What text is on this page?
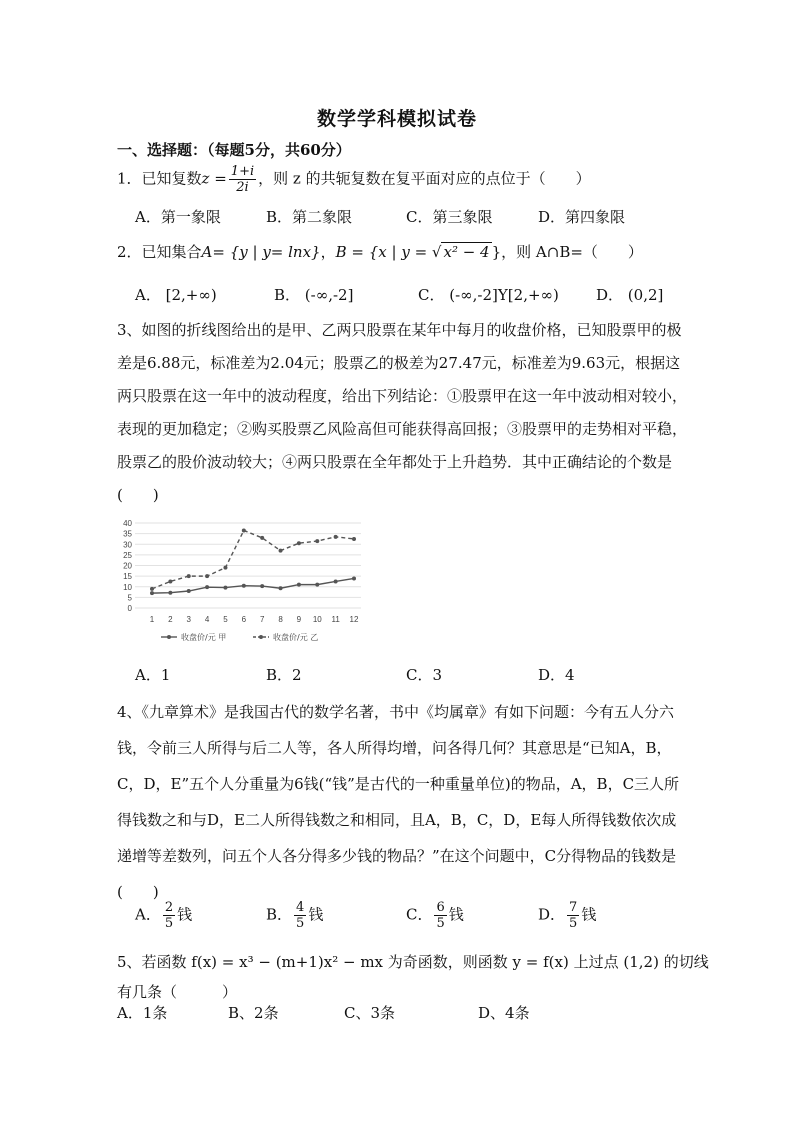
数学学科模拟试卷
一、选择题：（每题5分，共60分）
1．已知复数$z = \frac{1+i}{2i}$ ，则 z 的共轭复数在复平面对应的点位于（　　）
A．第一象限	B．第二象限	C．第三象限	D．第四象限
2．已知集合A= {y | y= lnx}，B = {x | y = √ x² − 4 }，则 A∩B=（　　）
A． [2,+∞)	B． (-∞,-2]	C． (-∞,-2]Y[2,+∞) D． (0,2]
3、如图的折线图给出的是甲、乙两只股票在某年中每月的收盘价格，已知股票甲的极差是6.88元，标准差为2.04元；股票乙的极差为27.47元，标准差为9.63元，根据这两只股票在这一年中的波动程度，给出下列结论：①股票甲在这一年中波动相对较小，表现的更加稳定；②购买股票乙风险高但可能获得高回报；③股票甲的走势相对平稳，股票乙的股价波动较大；④两只股票在全年都处于上升趋势．其中正确结论的个数是(　　)
0
5
10
15
20
25
30
35
40
1 2 3 4 5 6 7 8 9 10 11 12
收盘价/元 甲	收盘价/元 乙
A．1	B．2	C．3	D．4
4、《九章算术》是我国古代的数学名著，书中《均属章》有如下问题：今有五人分六钱，令前三人所得与后二人等，各人所得均增，问各得几何？其意思是“已知A，B，C，D，E”五个人分重量为6钱(“钱”是古代的一种重量单位)的物品，A，B，C三人所得钱数之和与D，E二人所得钱数之和相同，且A，B，C，D，E每人所得钱数依次成递增等差数列，问五个人各分得多少钱的物品？”在这个问题中，C分得物品的钱数是(　　)
A． $\frac{2}{5}$ 钱	B． $\frac{4}{5}$ 钱	C． $\frac{6}{5}$ 钱	D． $\frac{7}{5}$ 钱
5、若函数 f(x) = x³ − (m+1)x² − mx 为奇函数，则函数 y = f(x) 上过点 (1,2) 的切线
有几条（　　　）
A．1条	B、2条	C、3条	D、4条
